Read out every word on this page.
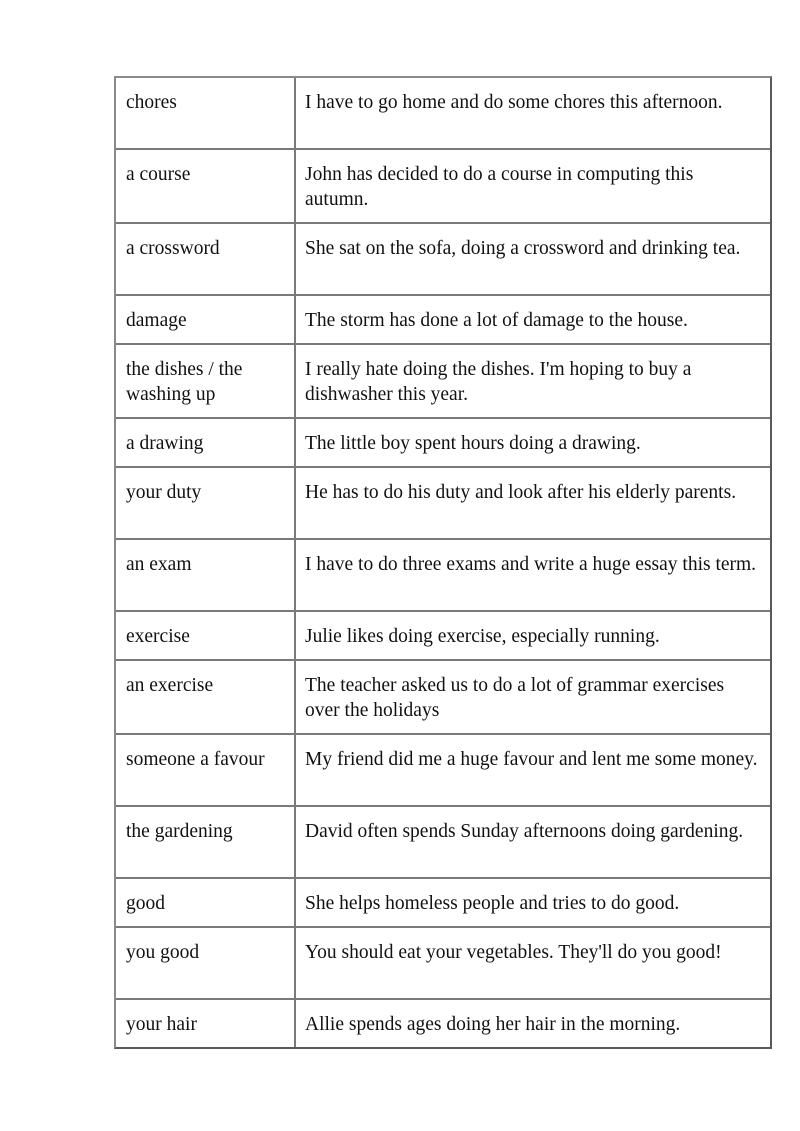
chores	I have to go home and do some chores this afternoon.
a course	John has decided to do a course in computing this autumn.
a crossword	She sat on the sofa, doing a crossword and drinking tea.
damage	The storm has done a lot of damage to the house.
the dishes / the washing up	I really hate doing the dishes. I'm hoping to buy a dishwasher this year.
a drawing	The little boy spent hours doing a drawing.
your duty	He has to do his duty and look after his elderly parents.
an exam	I have to do three exams and write a huge essay this term.
exercise	Julie likes doing exercise, especially running.
an exercise	The teacher asked us to do a lot of grammar exercises over the holidays
someone a favour	My friend did me a huge favour and lent me some money.
the gardening	David often spends Sunday afternoons doing gardening.
good	She helps homeless people and tries to do good.
you good	You should eat your vegetables. They'll do you good!
your hair	Allie spends ages doing her hair in the morning.
